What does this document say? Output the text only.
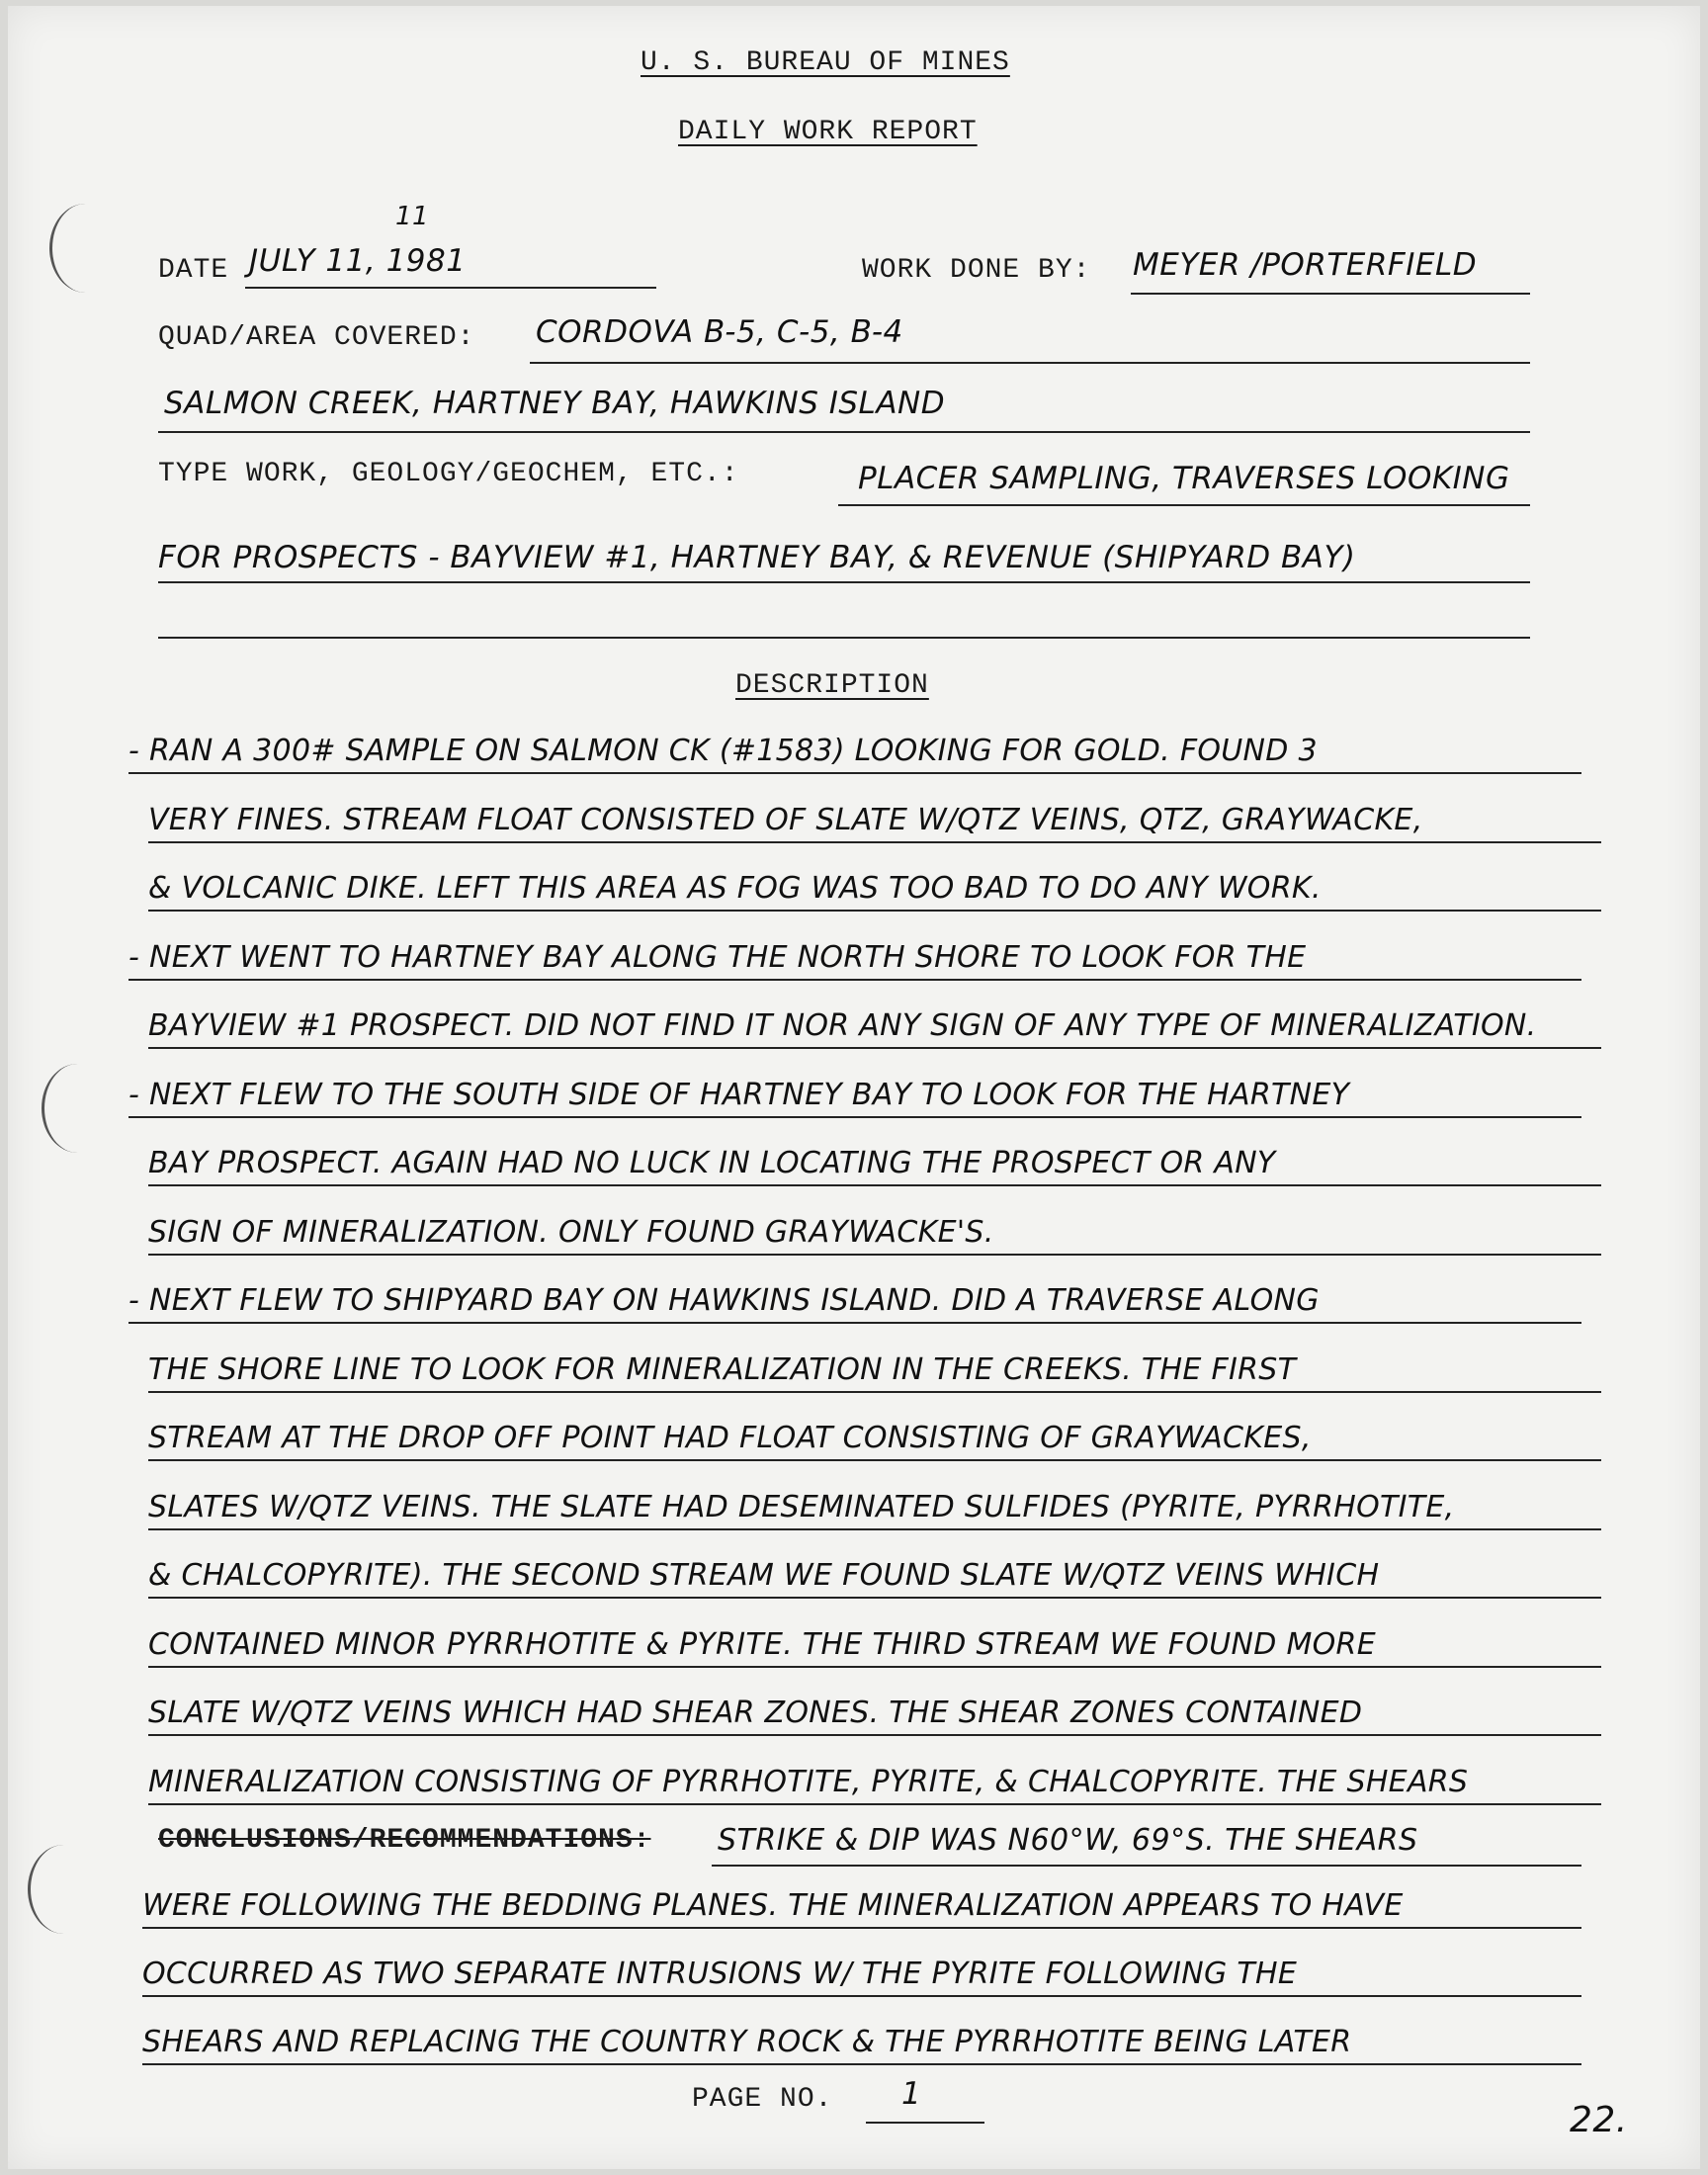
U. S. BUREAU OF MINES
DAILY WORK REPORT
DATE
11
JULY 11, 1981	WORK DONE BY: MEYER /PORTERFIELD
QUAD/AREA COVERED: CORDOVA B-5, C-5, B-4
SALMON CREEK, HARTNEY BAY, HAWKINS ISLAND
TYPE WORK, GEOLOGY/GEOCHEM, ETC.:	PLACER SAMPLING, TRAVERSES LOOKING
FOR PROSPECTS - BAYVIEW #1, HARTNEY BAY, & REVENUE (SHIPYARD BAY)
DESCRIPTION
- RAN A 300# SAMPLE ON SALMON CK (#1583) LOOKING FOR GOLD. FOUND 3
VERY FINES. STREAM FLOAT CONSISTED OF SLATE W/QTZ VEINS, QTZ, GRAYWACKE,
& VOLCANIC DIKE. LEFT THIS AREA AS FOG WAS TOO BAD TO DO ANY WORK.
- NEXT WENT TO HARTNEY BAY ALONG THE NORTH SHORE TO LOOK FOR THE
BAYVIEW #1 PROSPECT. DID NOT FIND IT NOR ANY SIGN OF ANY TYPE OF MINERALIZATION.
- NEXT FLEW TO THE SOUTH SIDE OF HARTNEY BAY TO LOOK FOR THE HARTNEY
BAY PROSPECT. AGAIN HAD NO LUCK IN LOCATING THE PROSPECT OR ANY
SIGN OF MINERALIZATION. ONLY FOUND GRAYWACKE'S.
- NEXT FLEW TO SHIPYARD BAY ON HAWKINS ISLAND. DID A TRAVERSE ALONG
THE SHORE LINE TO LOOK FOR MINERALIZATION IN THE CREEKS. THE FIRST
STREAM AT THE DROP OFF POINT HAD FLOAT CONSISTING OF GRAYWACKES,
SLATES W/QTZ VEINS. THE SLATE HAD DESEMINATED SULFIDES (PYRITE, PYRRHOTITE,
& CHALCOPYRITE). THE SECOND STREAM WE FOUND SLATE W/QTZ VEINS WHICH
CONTAINED MINOR PYRRHOTITE & PYRITE. THE THIRD STREAM WE FOUND MORE
SLATE W/QTZ VEINS WHICH HAD SHEAR ZONES. THE SHEAR ZONES CONTAINED
MINERALIZATION CONSISTING OF PYRRHOTITE, PYRITE, & CHALCOPYRITE. THE SHEARS
CONCLUSIONS/RECOMMENDATIONS: STRIKE & DIP WAS N60°W, 69°S. THE SHEARS
WERE FOLLOWING THE BEDDING PLANES. THE MINERALIZATION APPEARS TO HAVE
OCCURRED AS TWO SEPARATE INTRUSIONS W/ THE PYRITE FOLLOWING THE
SHEARS AND REPLACING THE COUNTRY ROCK & THE PYRRHOTITE BEING LATER
PAGE NO. 1
22.
